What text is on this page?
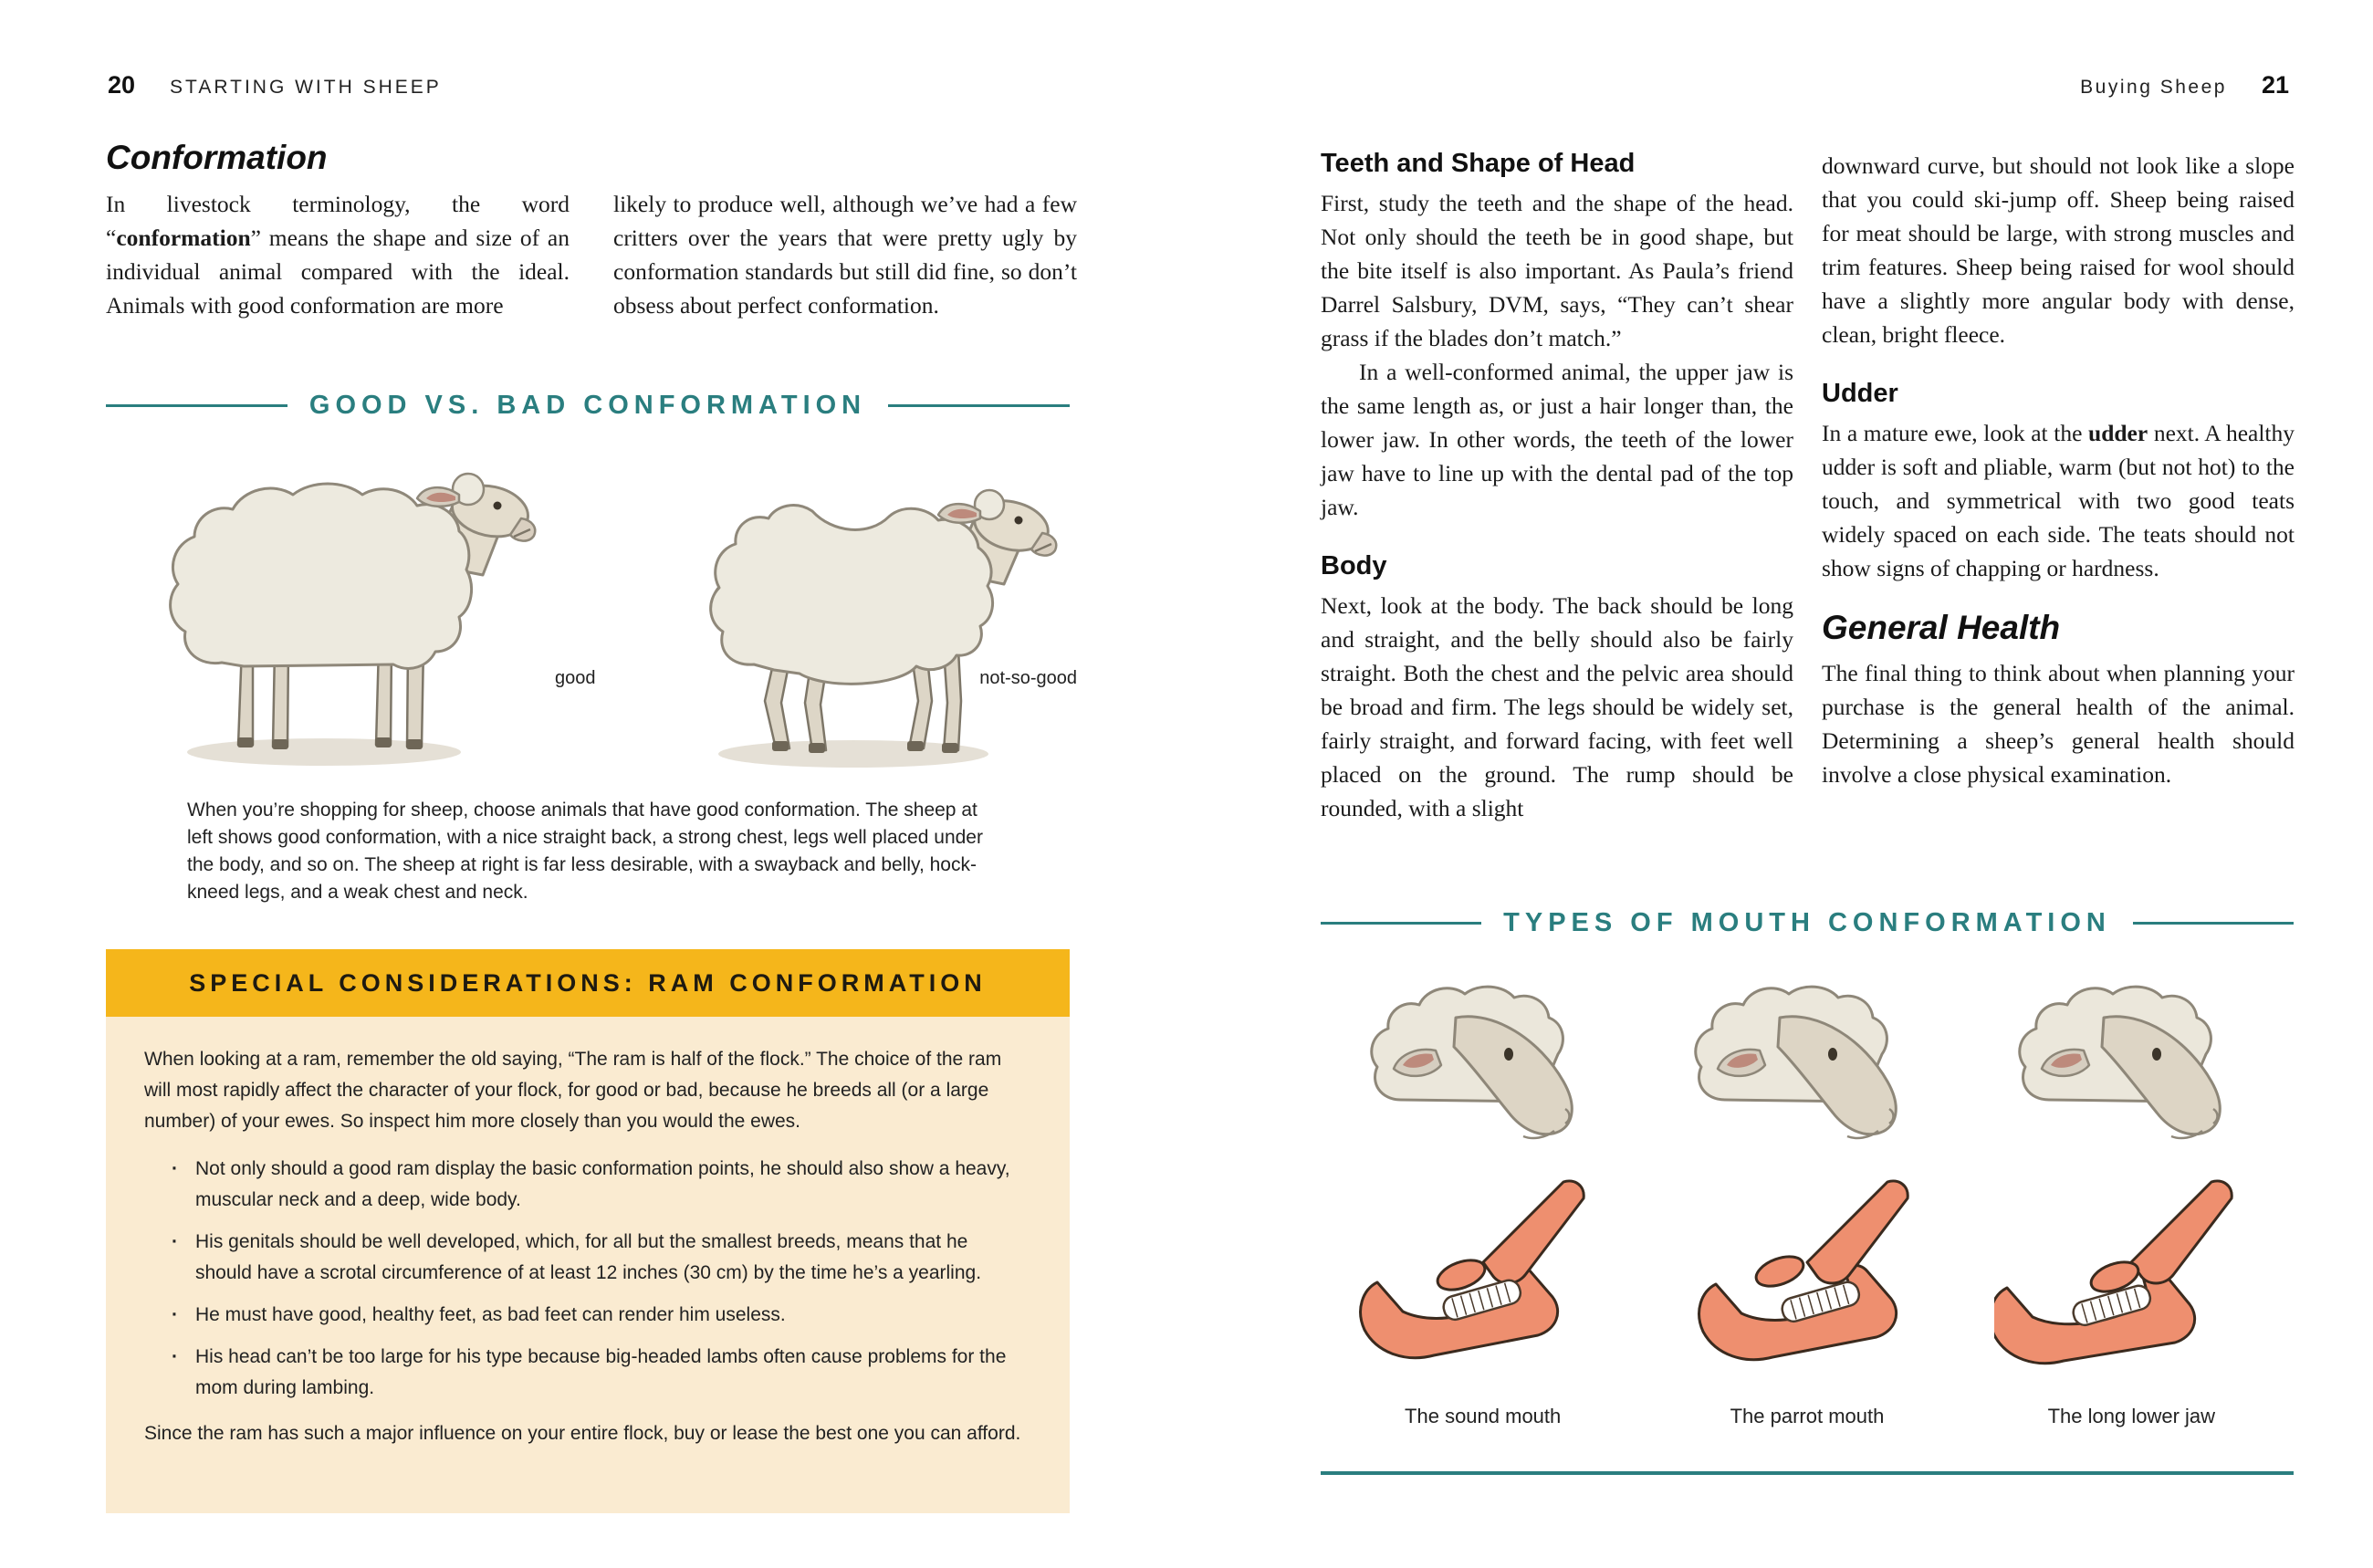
20 STARTING WITH SHEEP
Conformation

In livestock terminology, the word “conformation” means the shape and size of an individual animal compared with the ideal. Animals with good conformation are more

likely to produce well, although we’ve had a few critters over the years that were pretty ugly by conformation standards but still did fine, so don’t obsess about perfect conformation.

GOOD VS. BAD CONFORMATION
good	not-so-good
When you’re shopping for sheep, choose animals that have good conformation. The sheep at left shows good conformation, with a nice straight back, a strong chest, legs well placed under the body, and so on. The sheep at right is far less desirable, with a swayback and belly, hock-kneed legs, and a weak chest and neck.
SPECIAL CONSIDERATIONS: RAM CONFORMATION

When looking at a ram, remember the old saying, “The ram is half of the flock.” The choice of the ram will most rapidly affect the character of your flock, for good or bad, because he breeds all (or a large number) of your ewes. So inspect him more closely than you would the ewes.

· Not only should a good ram display the basic conformation points, he should also show a heavy, muscular neck and a deep, wide body.
· His genitals should be well developed, which, for all but the smallest breeds, means that he should have a scrotal circumference of at least 12 inches (30 cm) by the time he’s a yearling.
· He must have good, healthy feet, as bad feet can render him useless.
· His head can’t be too large for his type because big-headed lambs often cause problems for the mom during lambing.

Since the ram has such a major influence on your entire flock, buy or lease the best one you can afford.

Buying Sheep 21
Teeth and Shape of Head

First, study the teeth and the shape of the head. Not only should the teeth be in good shape, but the bite itself is also important. As Paula’s friend Darrel Salsbury, DVM, says, “They can’t shear grass if the blades don’t match.”

In a well-conformed animal, the upper jaw is the same length as, or just a hair longer than, the lower jaw. In other words, the teeth of the lower jaw have to line up with the dental pad of the top jaw.

Body

Next, look at the body. The back should be long and straight, and the belly should also be fairly straight. Both the chest and the pelvic area should be broad and firm. The legs should be widely set, fairly straight, and forward facing, with feet well placed on the ground. The rump should be rounded, with a slight

downward curve, but should not look like a slope that you could ski-jump off. Sheep being raised for meat should be large, with strong muscles and trim features. Sheep being raised for wool should have a slightly more angular body with dense, clean, bright fleece.

Udder

In a mature ewe, look at the udder next. A healthy udder is soft and pliable, warm (but not hot) to the touch, and symmetrical with two good teats widely spaced on each side. The teats should not show signs of chapping or hardness.

General Health

The final thing to think about when planning your purchase is the general health of the animal. Determining a sheep’s general health should involve a close physical examination.

TYPES OF MOUTH CONFORMATION
The sound mouth	The parrot mouth	The long lower jaw
